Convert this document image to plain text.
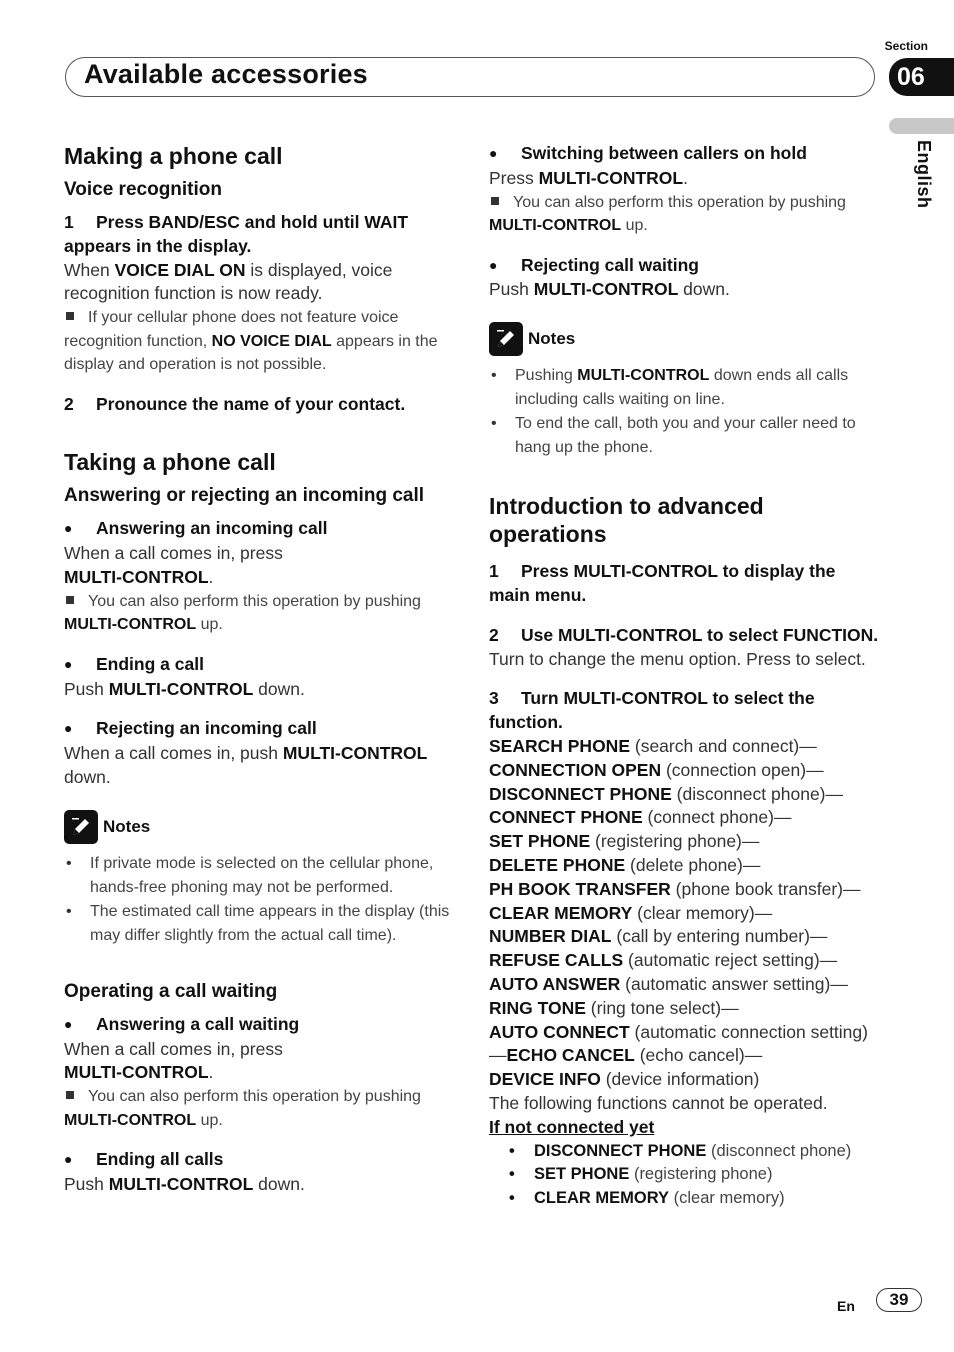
Section
Available accessories	06
English
Making a phone call
Voice recognition

1 Press BAND/ESC and hold until WAIT appears in the display.

When VOICE DIAL ON is displayed, voice recognition function is now ready.

If your cellular phone does not feature voice recognition function, NO VOICE DIAL appears in the display and operation is not possible.

2 Pronounce the name of your contact.

Taking a phone call
Answering or rejecting an incoming call

● Answering an incoming call

When a call comes in, press
MULTI-CONTROL.

You can also perform this operation by pushing MULTI-CONTROL up.

● Ending a call

Push MULTI-CONTROL down.

● Rejecting an incoming call

When a call comes in, push MULTI-CONTROL
down.

Notes
• If private mode is selected on the cellular phone, hands-free phoning may not be performed.
• The estimated call time appears in the display (this may differ slightly from the actual call time).
Operating a call waiting

● Answering a call waiting

When a call comes in, press
MULTI-CONTROL.

You can also perform this operation by pushing MULTI-CONTROL up.

● Ending all calls

Push MULTI-CONTROL down.

● Switching between callers on hold

Press MULTI-CONTROL.

You can also perform this operation by pushing MULTI-CONTROL up.

● Rejecting call waiting

Push MULTI-CONTROL down.

Notes
• Pushing MULTI-CONTROL down ends all calls including calls waiting on line.
• To end the call, both you and your caller need to hang up the phone.
Introduction to advanced operations

1 Press MULTI-CONTROL to display the main menu.

2 Use MULTI-CONTROL to select FUNCTION.

Turn to change the menu option. Press to select.

3 Turn MULTI-CONTROL to select the function.

SEARCH PHONE (search and connect)—

CONNECTION OPEN (connection open)—

DISCONNECT PHONE (disconnect phone)—

CONNECT PHONE (connect phone)—

SET PHONE (registering phone)—

DELETE PHONE (delete phone)—

PH BOOK TRANSFER (phone book transfer)—

CLEAR MEMORY (clear memory)—

NUMBER DIAL (call by entering number)—

REFUSE CALLS (automatic reject setting)—

AUTO ANSWER (automatic answer setting)—

RING TONE (ring tone select)—

AUTO CONNECT (automatic connection setting)—ECHO CANCEL (echo cancel)—

DEVICE INFO (device information)

The following functions cannot be operated.

If not connected yet

• DISCONNECT PHONE (disconnect phone)
• SET PHONE (registering phone)
• CLEAR MEMORY (clear memory)
En	39
